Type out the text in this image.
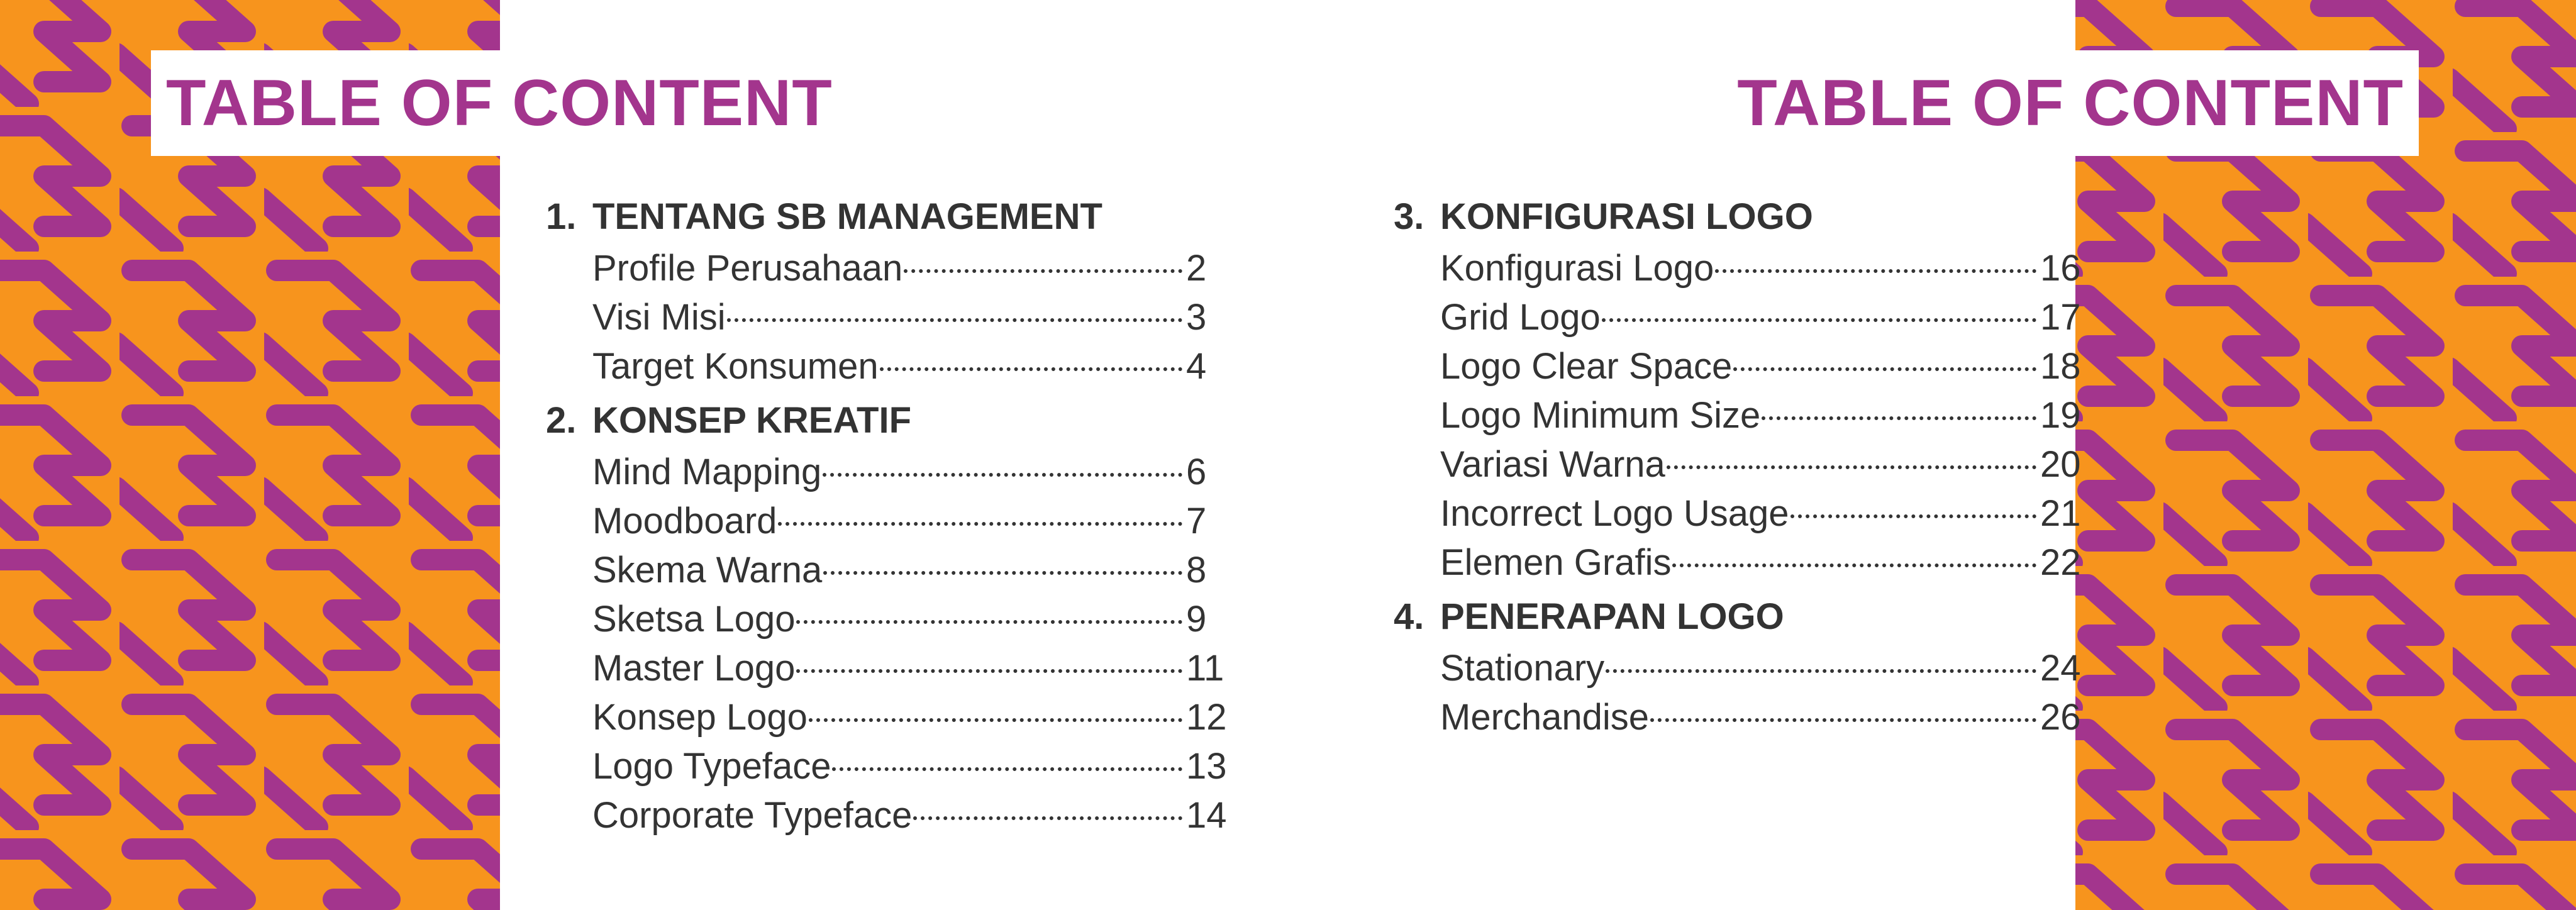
TABLE OF CONTENT	TABLE OF CONTENT
1. TENTANG SB MANAGEMENT
Profile Perusahaan	2
Visi Misi	3
Target Konsumen	4
2. KONSEP KREATIF
Mind Mapping	6
Moodboard	7
Skema Warna	8
Sketsa Logo	9
Master Logo	11
Konsep Logo	12
Logo Typeface	13
Corporate Typeface	14
3. KONFIGURASI LOGO
Konfigurasi Logo	16
Grid Logo	17
Logo Clear Space	18
Logo Minimum Size	19
Variasi Warna	20
Incorrect Logo Usage	21
Elemen Grafis	22
4. PENERAPAN LOGO
Stationary	24
Merchandise	26
